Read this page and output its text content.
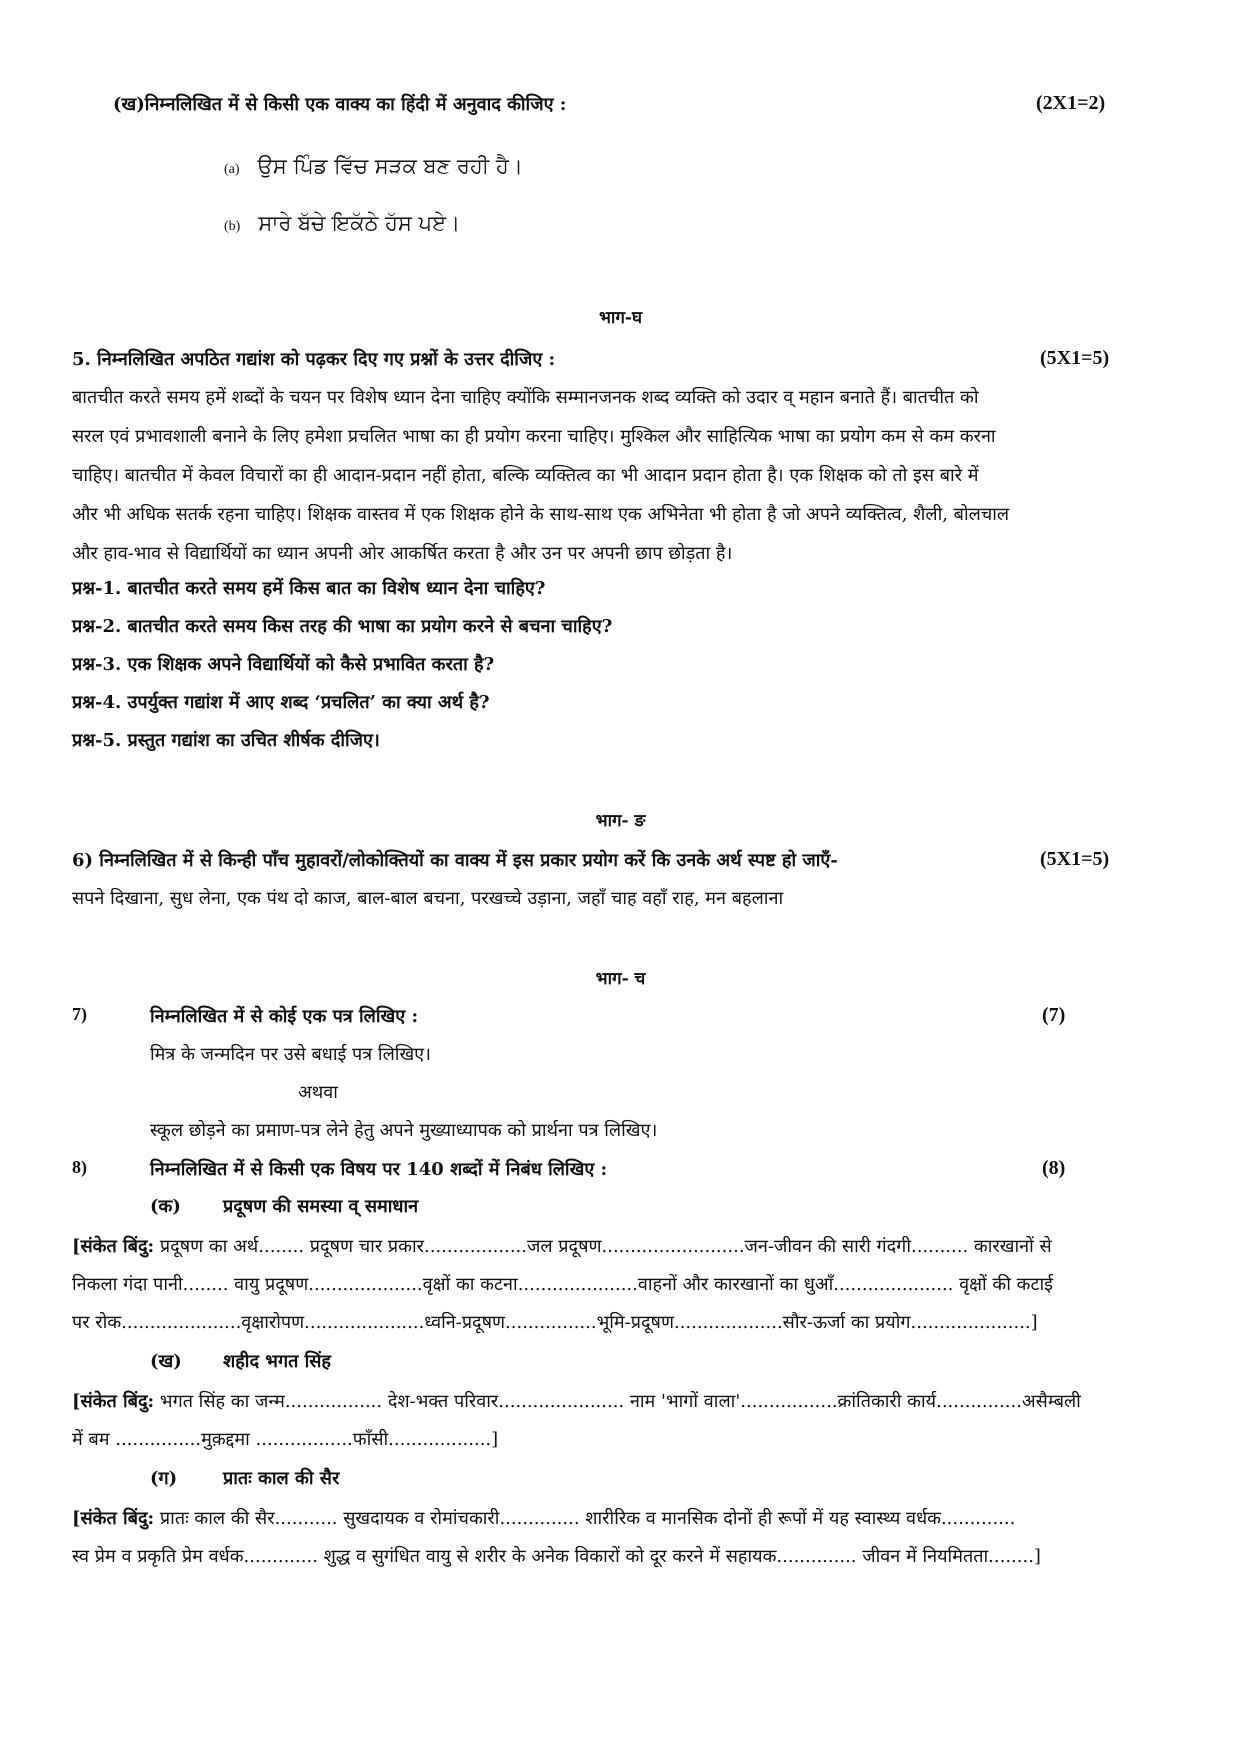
(ख)निम्नलिखित में से किसी एक वाक्य का हिंदी में अनुवाद कीजिए :	(2X1=2)
(a) ਉਸ ਪਿੰਡ ਵਿੱਚ ਸੜਕ ਬਣ ਰਹੀ ਹੈ।
(b) ਸਾਰੇ ਬੱਚੇ ਇਕੱਠੇ ਹੱਸ ਪਏ।
भाग-घ
5. निम्नलिखित अपठित गद्यांश को पढ़कर दिए गए प्रश्नों के उत्तर दीजिए :	(5X1=5)
बातचीत करते समय हमें शब्दों के चयन पर विशेष ध्यान देना चाहिए क्योंकि सम्मानजनक शब्द व्यक्ति को उदार व् महान बनाते हैं। बातचीत को
सरल एवं प्रभावशाली बनाने के लिए हमेशा प्रचलित भाषा का ही प्रयोग करना चाहिए। मुश्किल और साहित्यिक भाषा का प्रयोग कम से कम करना
चाहिए। बातचीत में केवल विचारों का ही आदान-प्रदान नहीं होता, बल्कि व्यक्तित्व का भी आदान प्रदान होता है। एक शिक्षक को तो इस बारे में
और भी अधिक सतर्क रहना चाहिए। शिक्षक वास्तव में एक शिक्षक होने के साथ-साथ एक अभिनेता भी होता है जो अपने व्यक्तित्व, शैली, बोलचाल
और हाव-भाव से विद्यार्थियों का ध्यान अपनी ओर आकर्षित करता है और उन पर अपनी छाप छोड़ता है।
प्रश्न-1. बातचीत करते समय हमें किस बात का विशेष ध्यान देना चाहिए?
प्रश्न-2. बातचीत करते समय किस तरह की भाषा का प्रयोग करने से बचना चाहिए?
प्रश्न-3. एक शिक्षक अपने विद्यार्थियों को कैसे प्रभावित करता है?
प्रश्न-4. उपर्युक्त गद्यांश में आए शब्द ‘प्रचलित’ का क्या अर्थ है?
प्रश्न-5. प्रस्तुत गद्यांश का उचित शीर्षक दीजिए।
भाग- ङ
6) निम्नलिखित में से किन्ही पाँच मुहावरों/लोकोक्तियों का वाक्य में इस प्रकार प्रयोग करें कि उनके अर्थ स्पष्ट हो जाएँ-	(5X1=5)
सपने दिखाना, सुध लेना, एक पंथ दो काज, बाल-बाल बचना, परखच्चे उड़ाना, जहाँ चाह वहाँ राह, मन बहलाना
भाग- च
7)	निम्नलिखित में से कोई एक पत्र लिखिए :	(7)
मित्र के जन्मदिन पर उसे बधाई पत्र लिखिए।
अथवा
स्कूल छोड़ने का प्रमाण-पत्र लेने हेतु अपने मुख्याध्यापक को प्रार्थना पत्र लिखिए।
8)	निम्नलिखित में से किसी एक विषय पर 140 शब्दों में निबंध लिखिए :	(8)
(क) प्रदूषण की समस्या व् समाधान
[संकेत बिंदु: प्रदूषण का अर्थ........ प्रदूषण चार प्रकार..................जल प्रदूषण.........................जन-जीवन की सारी गंदगी.......... कारखानों से
निकला गंदा पानी........ वायु प्रदूषण....................वृक्षों का कटना.....................वाहनों और कारखानों का धुआँ..................... वृक्षों की कटाई
पर रोक.....................वृक्षारोपण.....................ध्वनि-प्रदूषण................भूमि-प्रदूषण...................सौर-ऊर्जा का प्रयोग.....................]
(ख) शहीद भगत सिंह
[संकेत बिंदु: भगत सिंह का जन्म................. देश-भक्त परिवार...................... नाम 'भागों वाला'.................क्रांतिकारी कार्य...............असैम्बली
में बम ...............मुक़द्दमा .................फाँसी..................]
(ग)	प्रातः काल की सैर
[संकेत बिंदु: प्रातः काल की सैर........... सुखदायक व रोमांचकारी.............. शारीरिक व मानसिक दोनों ही रूपों में यह स्वास्थ्य वर्धक.............
स्व प्रेम व प्रकृति प्रेम वर्धक............. शुद्ध व सुगंधित वायु से शरीर के अनेक विकारों को दूर करने में सहायक.............. जीवन में नियमितता........]
